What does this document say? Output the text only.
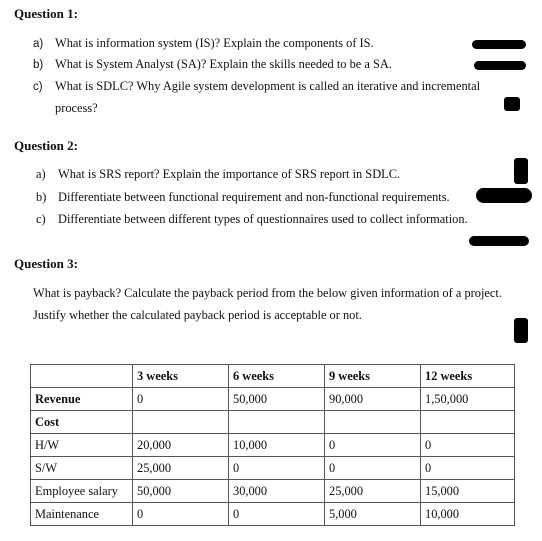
Question 1:
a) What is information system (IS)? Explain the components of IS.
b) What is System Analyst (SA)? Explain the skills needed to be a SA.
c) What is SDLC? Why Agile system development is called an iterative and incremental
process?
Question 2:
a) What is SRS report? Explain the importance of SRS report in SDLC.
b) Differentiate between functional requirement and non-functional requirements.
c) Differentiate between different types of questionnaires used to collect information.
Question 3:
What is payback? Calculate the payback period from the below given information of a project.
Justify whether the calculated payback period is acceptable or not.
	3 weeks	6 weeks	9 weeks	12 weeks
Revenue	0	50,000	90,000	1,50,000
Cost				
H/W	20,000	10,000	0	0
S/W	25,000	0	0	0
Employee salary	50,000	30,000	25,000	15,000
Maintenance	0	0	5,000	10,000
